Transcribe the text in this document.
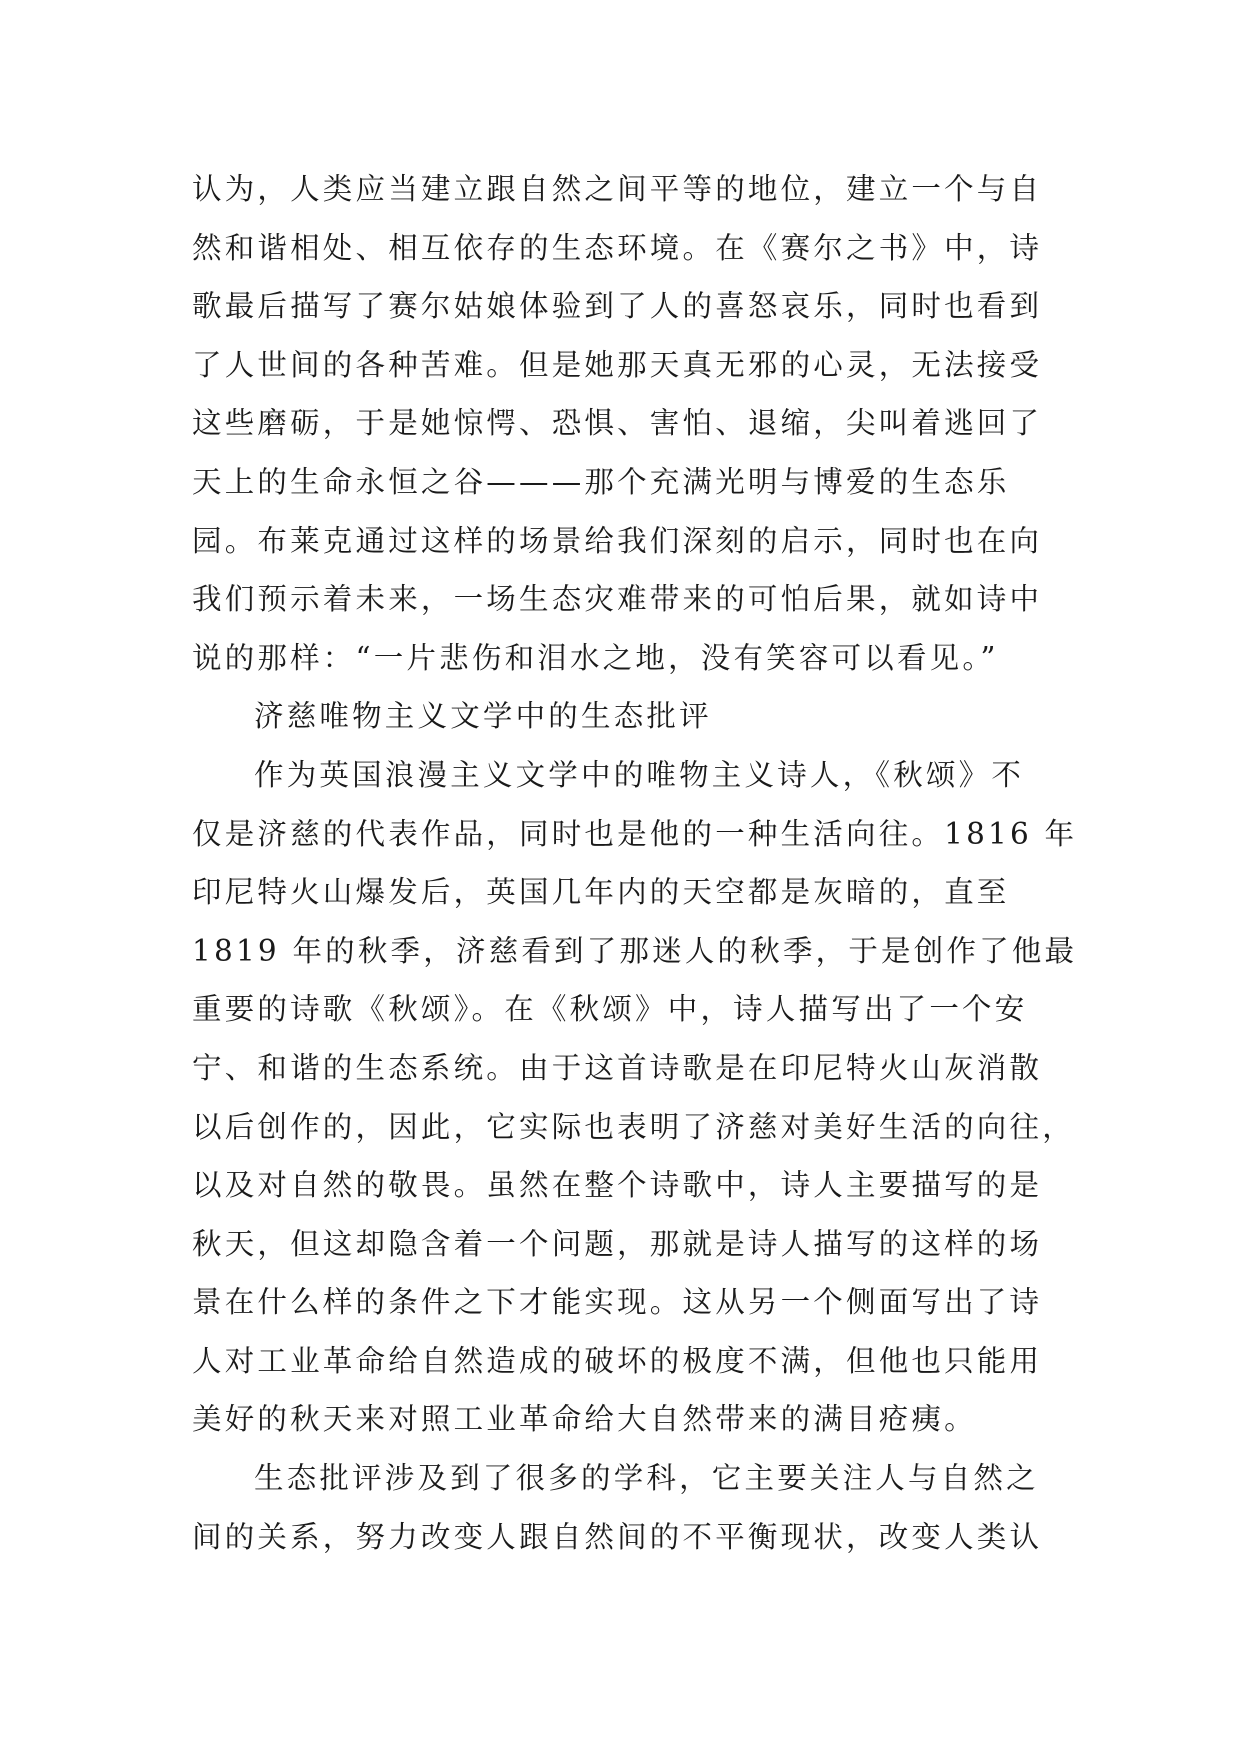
认为，人类应当建立跟自然之间平等的地位，建立一个与自
然和谐相处、相互依存的生态环境。在《赛尔之书》中，诗
歌最后描写了赛尔姑娘体验到了人的喜怒哀乐，同时也看到
了人世间的各种苦难。但是她那天真无邪的心灵，无法接受
这些磨砺，于是她惊愕、恐惧、害怕、退缩，尖叫着逃回了
天上的生命永恒之谷———那个充满光明与博爱的生态乐
园。布莱克通过这样的场景给我们深刻的启示，同时也在向
我们预示着未来，一场生态灾难带来的可怕后果，就如诗中
说的那样：“一片悲伤和泪水之地，没有笑容可以看见。”
济慈唯物主义文学中的生态批评
作为英国浪漫主义文学中的唯物主义诗人，《秋颂》不
仅是济慈的代表作品，同时也是他的一种生活向往。1816 年
印尼特火山爆发后，英国几年内的天空都是灰暗的，直至
1819 年的秋季，济慈看到了那迷人的秋季，于是创作了他最
重要的诗歌《秋颂》。在《秋颂》中，诗人描写出了一个安
宁、和谐的生态系统。由于这首诗歌是在印尼特火山灰消散
以后创作的，因此，它实际也表明了济慈对美好生活的向往，
以及对自然的敬畏。虽然在整个诗歌中，诗人主要描写的是
秋天，但这却隐含着一个问题，那就是诗人描写的这样的场
景在什么样的条件之下才能实现。这从另一个侧面写出了诗
人对工业革命给自然造成的破坏的极度不满，但他也只能用
美好的秋天来对照工业革命给大自然带来的满目疮痍。
生态批评涉及到了很多的学科，它主要关注人与自然之
间的关系，努力改变人跟自然间的不平衡现状，改变人类认
